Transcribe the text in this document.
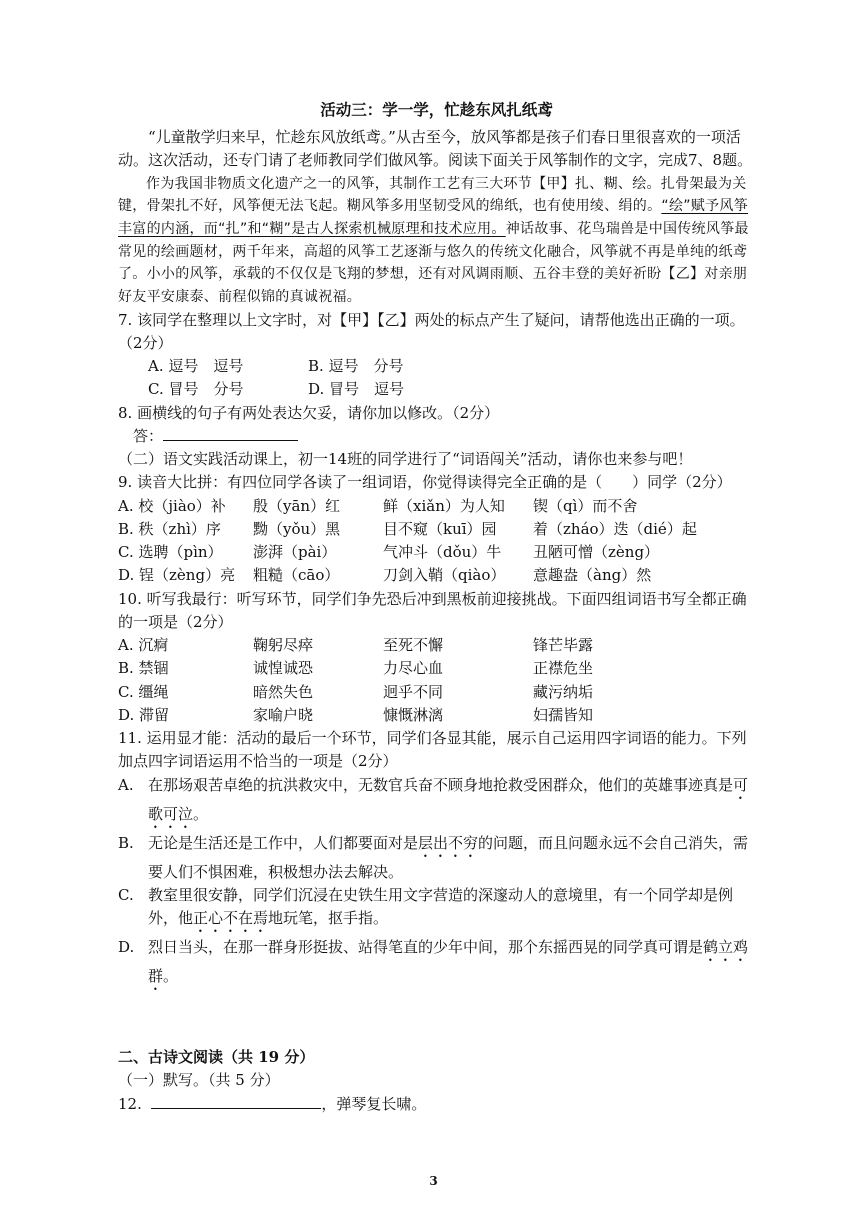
活动三：学一学，忙趁东风扎纸鸢

“儿童散学归来早，忙趁东风放纸鸢。”从古至今，放风筝都是孩子们春日里很喜欢的一项活动。这次活动，还专门请了老师教同学们做风筝。阅读下面关于风筝制作的文字，完成7、8题。

作为我国非物质文化遗产之一的风筝，其制作工艺有三大环节【甲】扎、糊、绘。扎骨架最为关键，骨架扎不好，风筝便无法飞起。糊风筝多用坚韧受风的绵纸，也有使用绫、绢的。“绘”赋予风筝丰富的内涵，而“扎”和“糊”是古人探索机械原理和技术应用。神话故事、花鸟瑞兽是中国传统风筝最常见的绘画题材，两千年来，高超的风筝工艺逐渐与悠久的传统文化融合，风筝就不再是单纯的纸鸢了。小小的风筝，承载的不仅仅是飞翔的梦想，还有对风调雨顺、五谷丰登的美好祈盼【乙】对亲朋好友平安康泰、前程似锦的真诚祝福。

7. 该同学在整理以上文字时，对【甲】【乙】两处的标点产生了疑问，请帮他选出正确的一项。（2分）

A. 逗号　逗号	B. 逗号　分号
C. 冒号　分号	D. 冒号　逗号

8. 画横线的句子有两处表达欠妥，请你加以修改。（2分）

答：

（二）语文实践活动课上，初一14班的同学进行了“词语闯关”活动，请你也来参与吧！

9. 读音大比拼：有四位同学各读了一组词语，你觉得读得完全正确的是（　　）同学（2分）

A. 校（jiào）补	殷（yān）红	鲜（xiǎn）为人知	锲（qì）而不舍
B. 秩（zhì）序	黝（yǒu）黑	目不窥（kuī）园	着（zháo）迭（dié）起
C. 选聘（pìn）	澎湃（pài）	气冲斗（dǒu）牛	丑陋可憎（zèng）
D. 锃（zèng）亮	粗糙（cāo）	刀剑入鞘（qiào）	意趣盎（àng）然

10. 听写我最行：听写环节，同学们争先恐后冲到黑板前迎接挑战。下面四组词语书写全都正确的一项是（2分）

A. 沉痾	鞠躬尽瘁	至死不懈	锋芒毕露
B. 禁锢	诚惶诚恐	力尽心血	正襟危坐
C. 缰绳	暗然失色	迥乎不同	藏污纳垢
D. 滞留	家喻户晓	慷慨淋漓	妇孺皆知

11. 运用显才能：活动的最后一个环节，同学们各显其能，展示自己运用四字词语的能力。下列加点四字词语运用不恰当的一项是（2分）

A. 在那场艰苦卓绝的抗洪救灾中，无数官兵奋不顾身地抢救受困群众，他们的英雄事迹真是可歌可泣。
B. 无论是生活还是工作中，人们都要面对是层出不穷的问题，而且问题永远不会自己消失，需要人们不惧困难，积极想办法去解决。
C. 教室里很安静，同学们沉浸在史铁生用文字营造的深邃动人的意境里，有一个同学却是例外，他正心不在焉地玩笔，抠手指。
D. 烈日当头，在那一群身形挺拔、站得笔直的少年中间，那个东摇西晃的同学真可谓是鹤立鸡群。

二、古诗文阅读（共 19 分）

（一）默写。（共 5 分）

12.	，弹琴复长啸。

3
